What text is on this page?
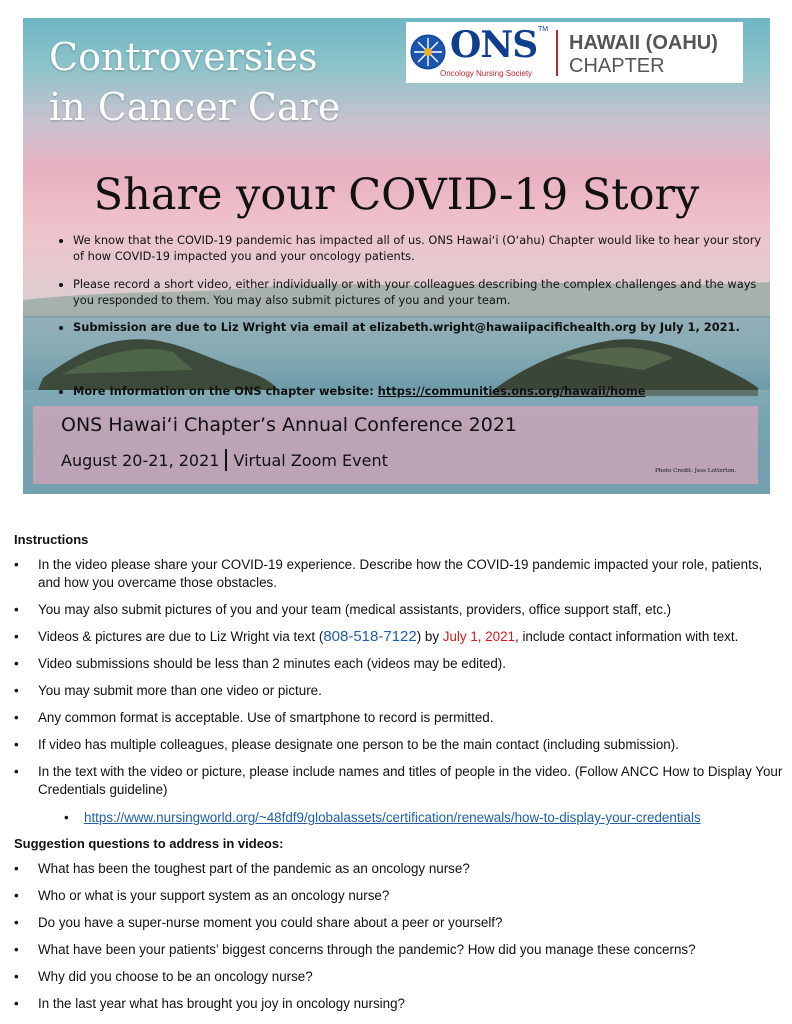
Controversies
in Cancer Care
ONS TM
Oncology Nursing Society
HAWAII (OAHU)
CHAPTER
Share your COVID-19 Story
• We know that the COVID-19 pandemic has impacted all of us. ONS Hawaiʻi (Oʻahu) Chapter would like to hear your story of how COVID-19 impacted you and your oncology patients.
• Please record a short video, either individually or with your colleagues describing the complex challenges and the ways you responded to them. You may also submit pictures of you and your team.
• Submission are due to Liz Wright via email at elizabeth.wright@hawaiipacifichealth.org by July 1, 2021.
• More Information on the ONS chapter website: https://communities.ons.org/hawaii/home
ONS Hawaiʻi Chapter’s Annual Conference 2021
August 20-21, 2021 Virtual Zoom Event
Photo Credit: Jess Lotterton.
Instructions
• In the video please share your COVID-19 experience. Describe how the COVID-19 pandemic impacted your role, patients, and how you overcame those obstacles.
• You may also submit pictures of you and your team (medical assistants, providers, office support staff, etc.)
• Videos & pictures are due to Liz Wright via text (808-518-7122) by July 1, 2021, include contact information with text.
• Video submissions should be less than 2 minutes each (videos may be edited).
• You may submit more than one video or picture.
• Any common format is acceptable. Use of smartphone to record is permitted.
• If video has multiple colleagues, please designate one person to be the main contact (including submission).
• In the text with the video or picture, please include names and titles of people in the video. (Follow ANCC How to Display Your Credentials guideline)
• https://www.nursingworld.org/~48fdf9/globalassets/certification/renewals/how-to-display-your-credentials
Suggestion questions to address in videos:
• What has been the toughest part of the pandemic as an oncology nurse?
• Who or what is your support system as an oncology nurse?
• Do you have a super-nurse moment you could share about a peer or yourself?
• What have been your patients’ biggest concerns through the pandemic? How did you manage these concerns?
• Why did you choose to be an oncology nurse?
• In the last year what has brought you joy in oncology nursing?
